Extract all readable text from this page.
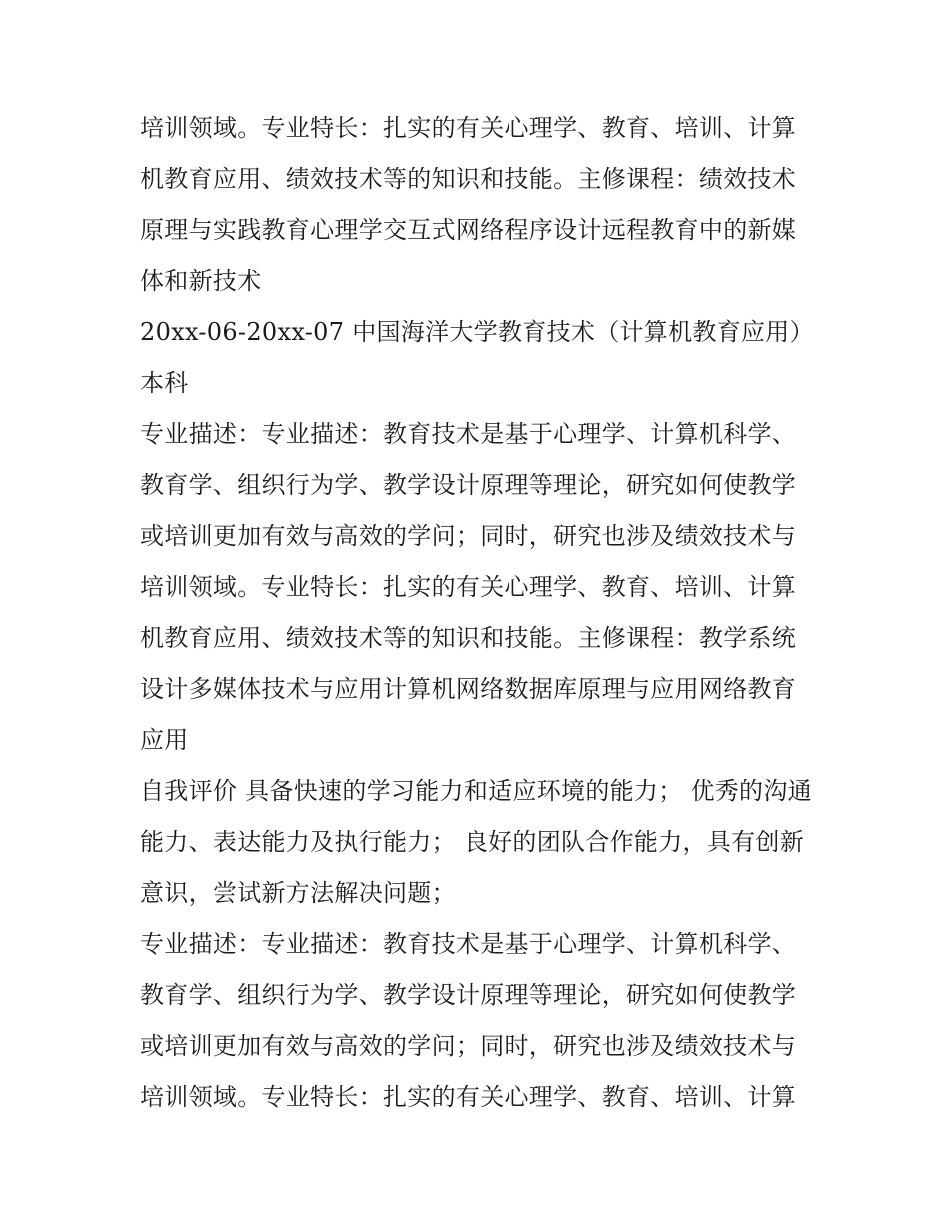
培训领域。专业特长：扎实的有关心理学、教育、培训、计算机教育应用、绩效技术等的知识和技能。主修课程：绩效技术原理与实践教育心理学交互式网络程序设计远程教育中的新媒体和新技术

20xx-06-20xx-07 中国海洋大学教育技术（计算机教育应用）本科

专业描述：专业描述：教育技术是基于心理学、计算机科学、教育学、组织行为学、教学设计原理等理论，研究如何使教学或培训更加有效与高效的学问；同时，研究也涉及绩效技术与培训领域。专业特长：扎实的有关心理学、教育、培训、计算机教育应用、绩效技术等的知识和技能。主修课程：教学系统设计多媒体技术与应用计算机网络数据库原理与应用网络教育应用

自我评价 具备快速的学习能力和适应环境的能力； 优秀的沟通能力、表达能力及执行能力； 良好的团队合作能力，具有创新意识，尝试新方法解决问题；

专业描述：专业描述：教育技术是基于心理学、计算机科学、教育学、组织行为学、教学设计原理等理论，研究如何使教学或培训更加有效与高效的学问；同时，研究也涉及绩效技术与培训领域。专业特长：扎实的有关心理学、教育、培训、计算
